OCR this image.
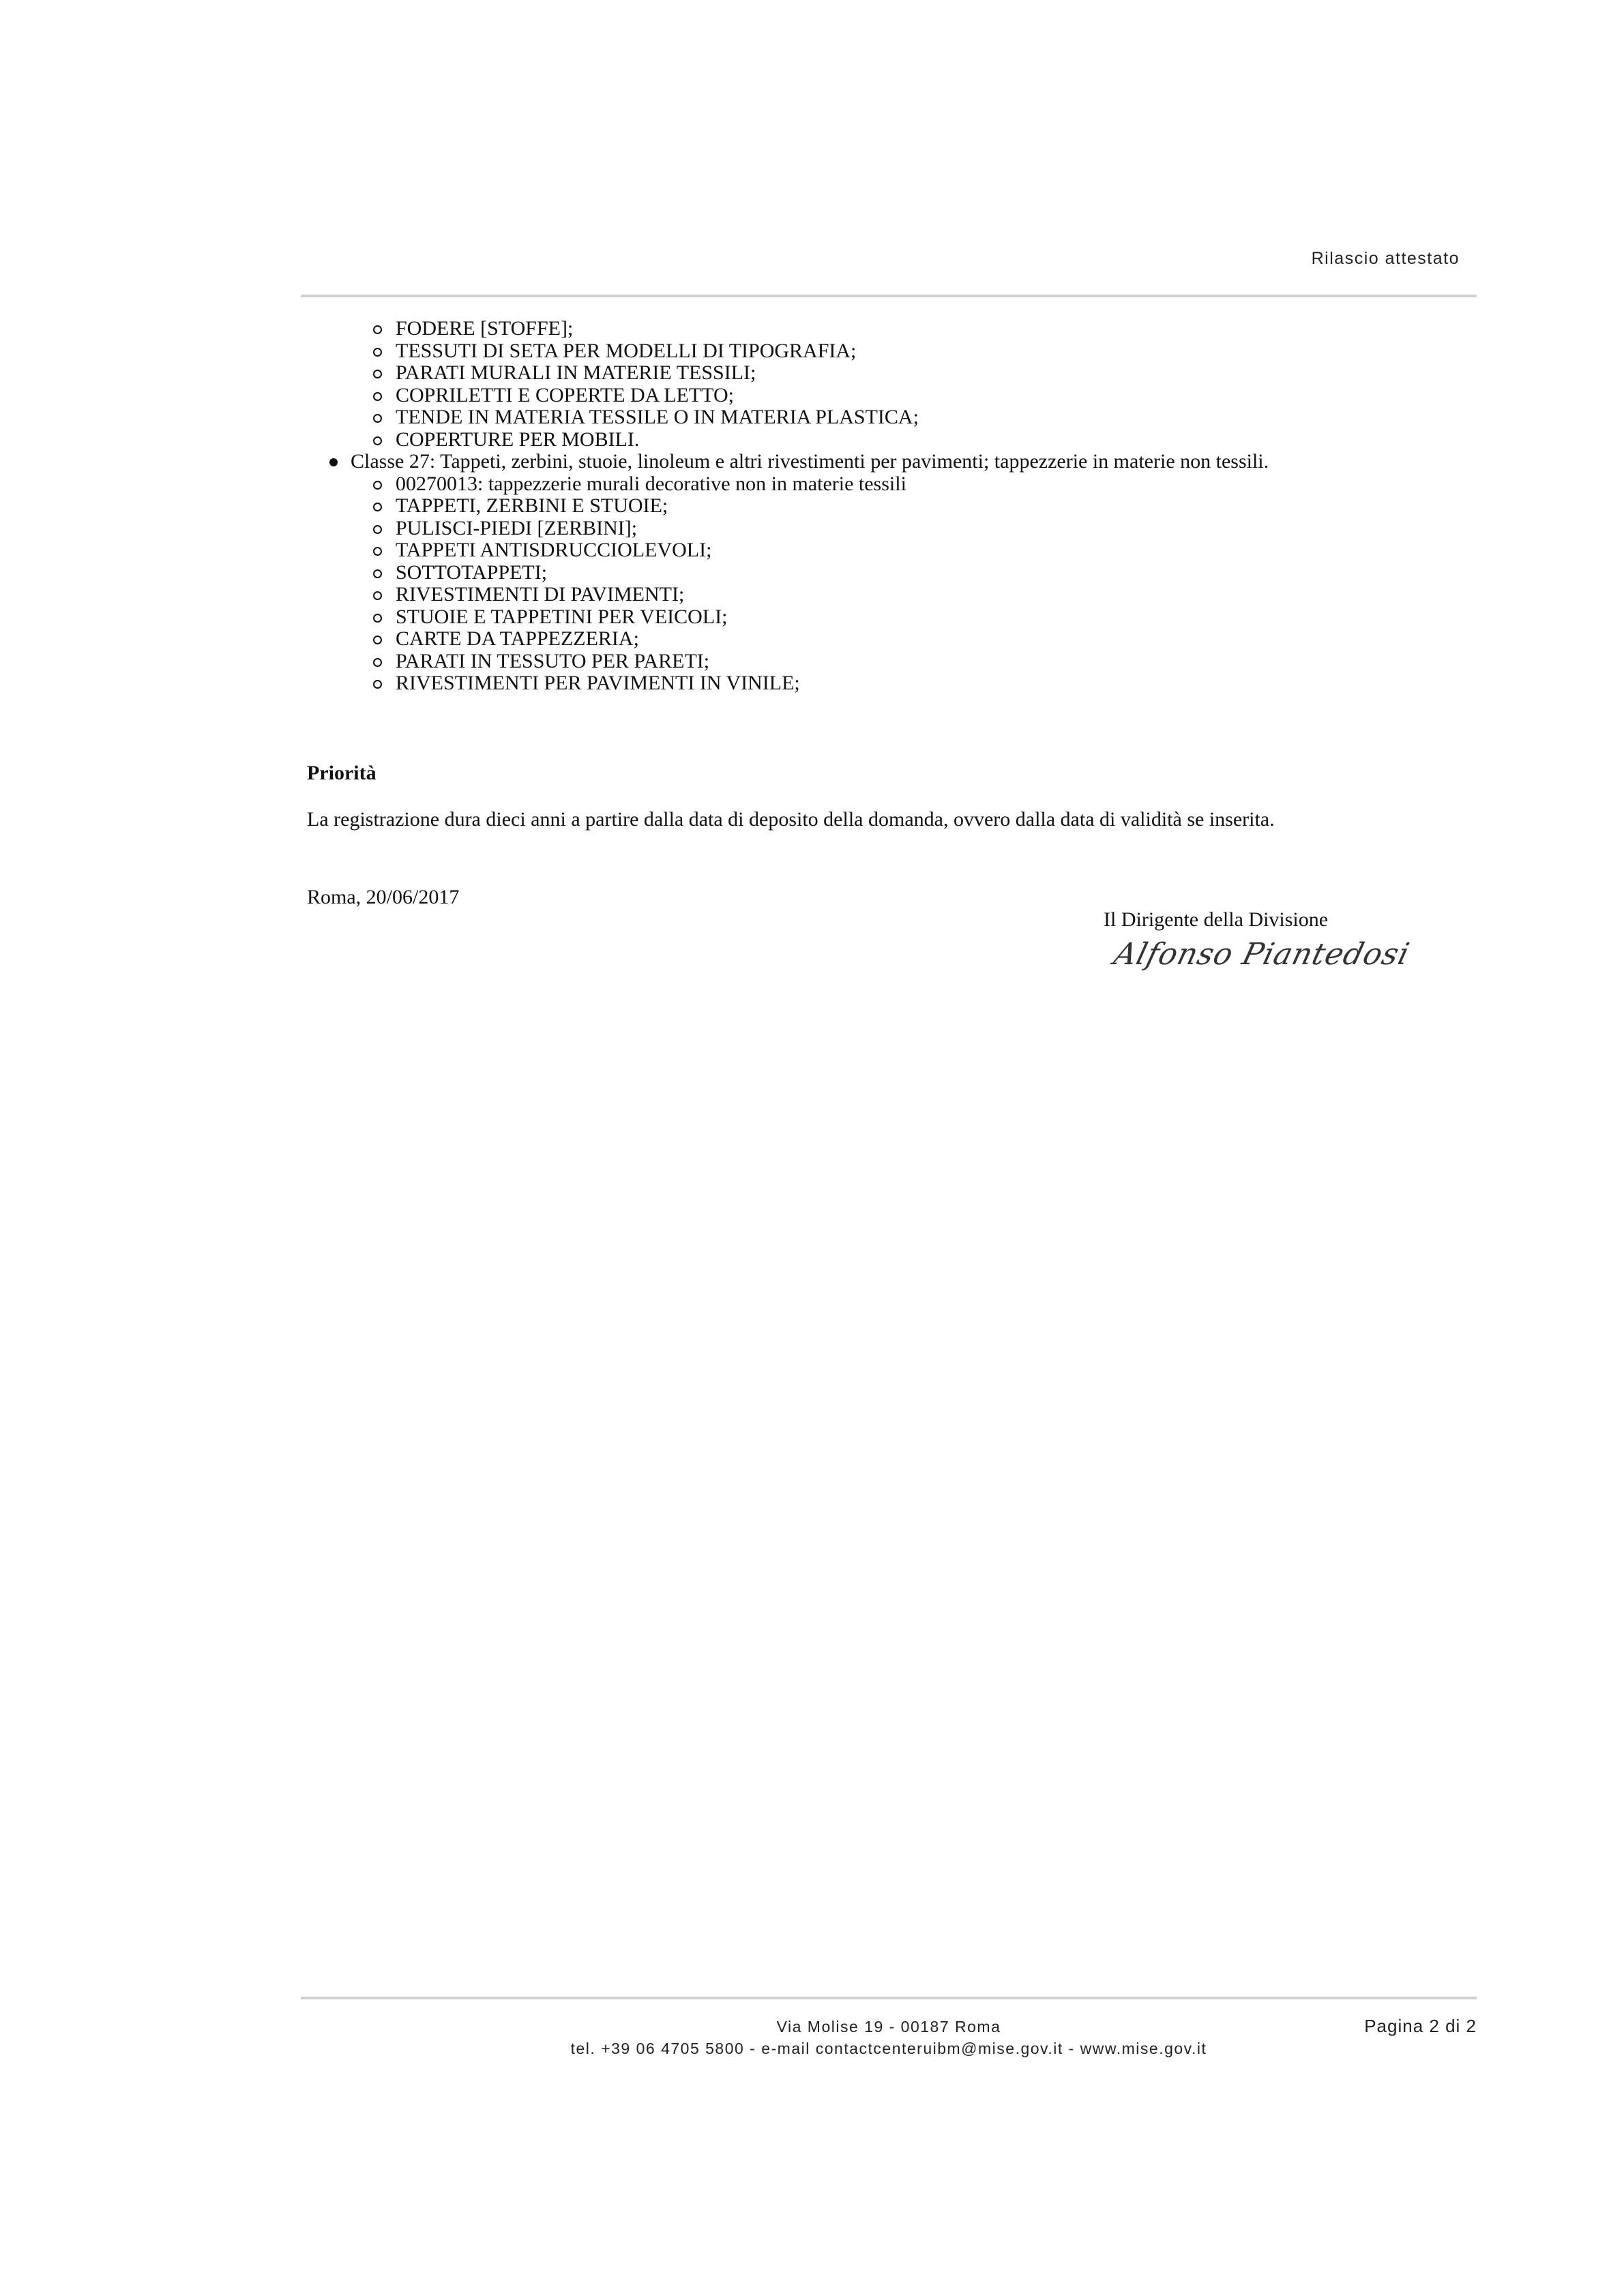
Rilascio attestato
FODERE [STOFFE];
TESSUTI DI SETA PER MODELLI DI TIPOGRAFIA;
PARATI MURALI IN MATERIE TESSILI;
COPRILETTI E COPERTE DA LETTO;
TENDE IN MATERIA TESSILE O IN MATERIA PLASTICA;
COPERTURE PER MOBILI.
Classe 27: Tappeti, zerbini, stuoie, linoleum e altri rivestimenti per pavimenti; tappezzerie in materie non tessili.
00270013: tappezzerie murali decorative non in materie tessili
TAPPETI, ZERBINI E STUOIE;
PULISCI-PIEDI [ZERBINI];
TAPPETI ANTISDRUCCIOLEVOLI;
SOTTOTAPPETI;
RIVESTIMENTI DI PAVIMENTI;
STUOIE E TAPPETINI PER VEICOLI;
CARTE DA TAPPEZZERIA;
PARATI IN TESSUTO PER PARETI;
RIVESTIMENTI PER PAVIMENTI IN VINILE;
Priorità
La registrazione dura dieci anni a partire dalla data di deposito della domanda, ovvero dalla data di validità se inserita.
Roma, 20/06/2017
Il Dirigente della Divisione
Alfonso Piantedosi
Via Molise 19 - 00187 Roma
tel. +39 06 4705 5800 - e-mail contactcenteruibm@mise.gov.it - www.mise.gov.it
Pagina 2 di 2
